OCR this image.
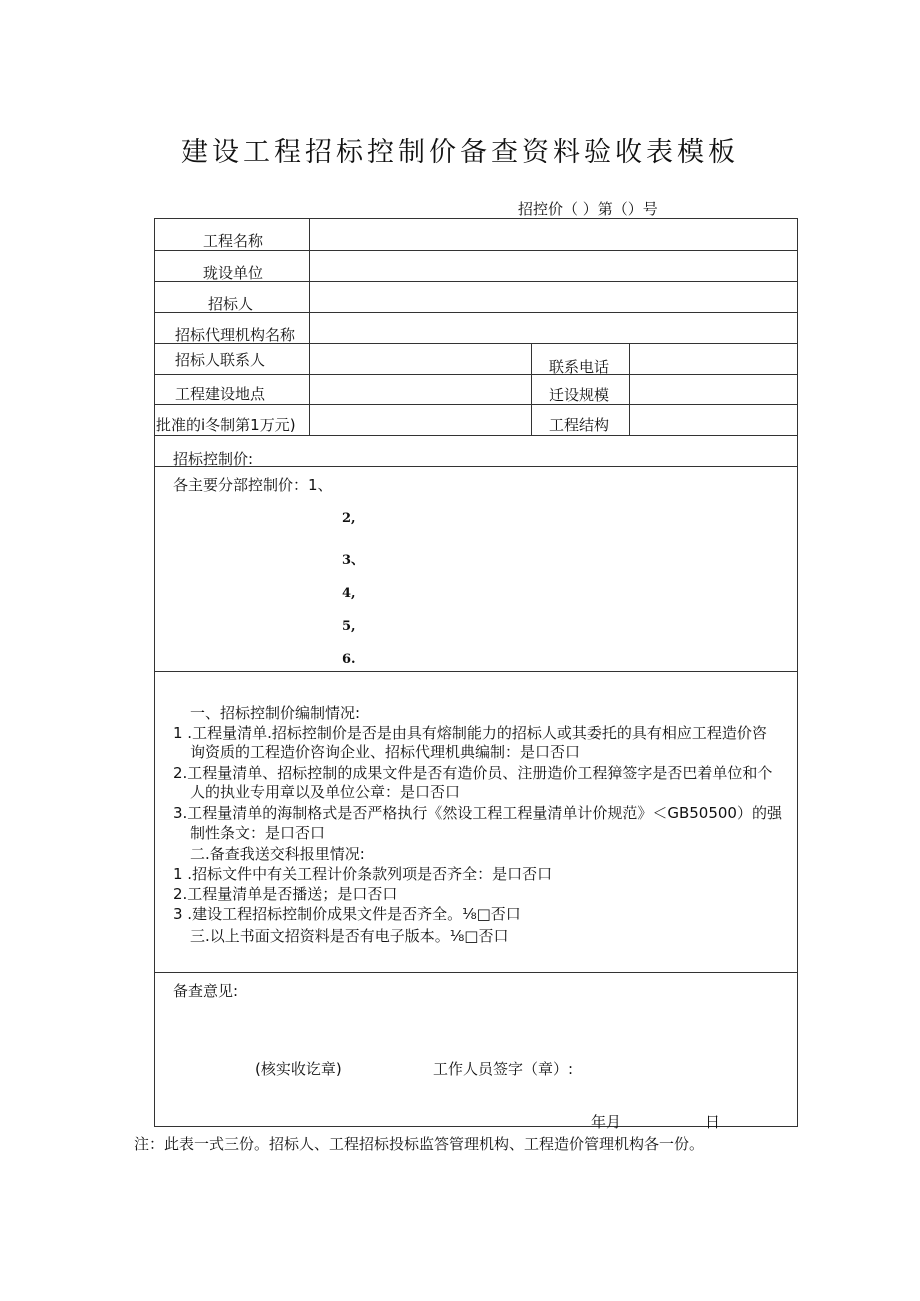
建设工程招标控制价备查资料验收表模板
招控价（ ）第（）号
工程名称
珑设单位
招标人
招标代理机构名称
招标人联系人	联系电话
工程建设地点	迁设规模
批准的i冬制第1万元)	工程结构
招标控制价:
各主要分部控制价：1、
2,
3、
4,
5,
6.
一、招标控制价编制情况:
1 .工程量清单.招标控制价是否是由具有熔制能力的招标人或其委托的具有相应工程造价咨
询资质的工程造价咨询企业、招标代理机典编制：是口否口
2.工程量清单、招标控制的成果文件是否有造价员、注册造价工程獐签字是否巴着单位和个
人的执业专用章以及单位公章：是口否口
3.工程量清单的海制格式是否严格执行《然设工程工程量清单计价规范》＜GB50500）的强
制性条文：是口否口
二.备查我送交科报里情况:
1 .招标文件中有关工程计价条款列项是否齐全：是口否口
2.工程量清单是否播送；是口否口
3 .建设工程招标控制价成果文件是否齐全。⅛□否口
三.以上书面文招资料是否有电子版本。⅛□否口
备查意见:
(核实收讫章)	工作人员签字（章）:
年月	日
注：此表一式三份。招标人、工程招标投标监答管理机构、工程造价管理机构各一份。
